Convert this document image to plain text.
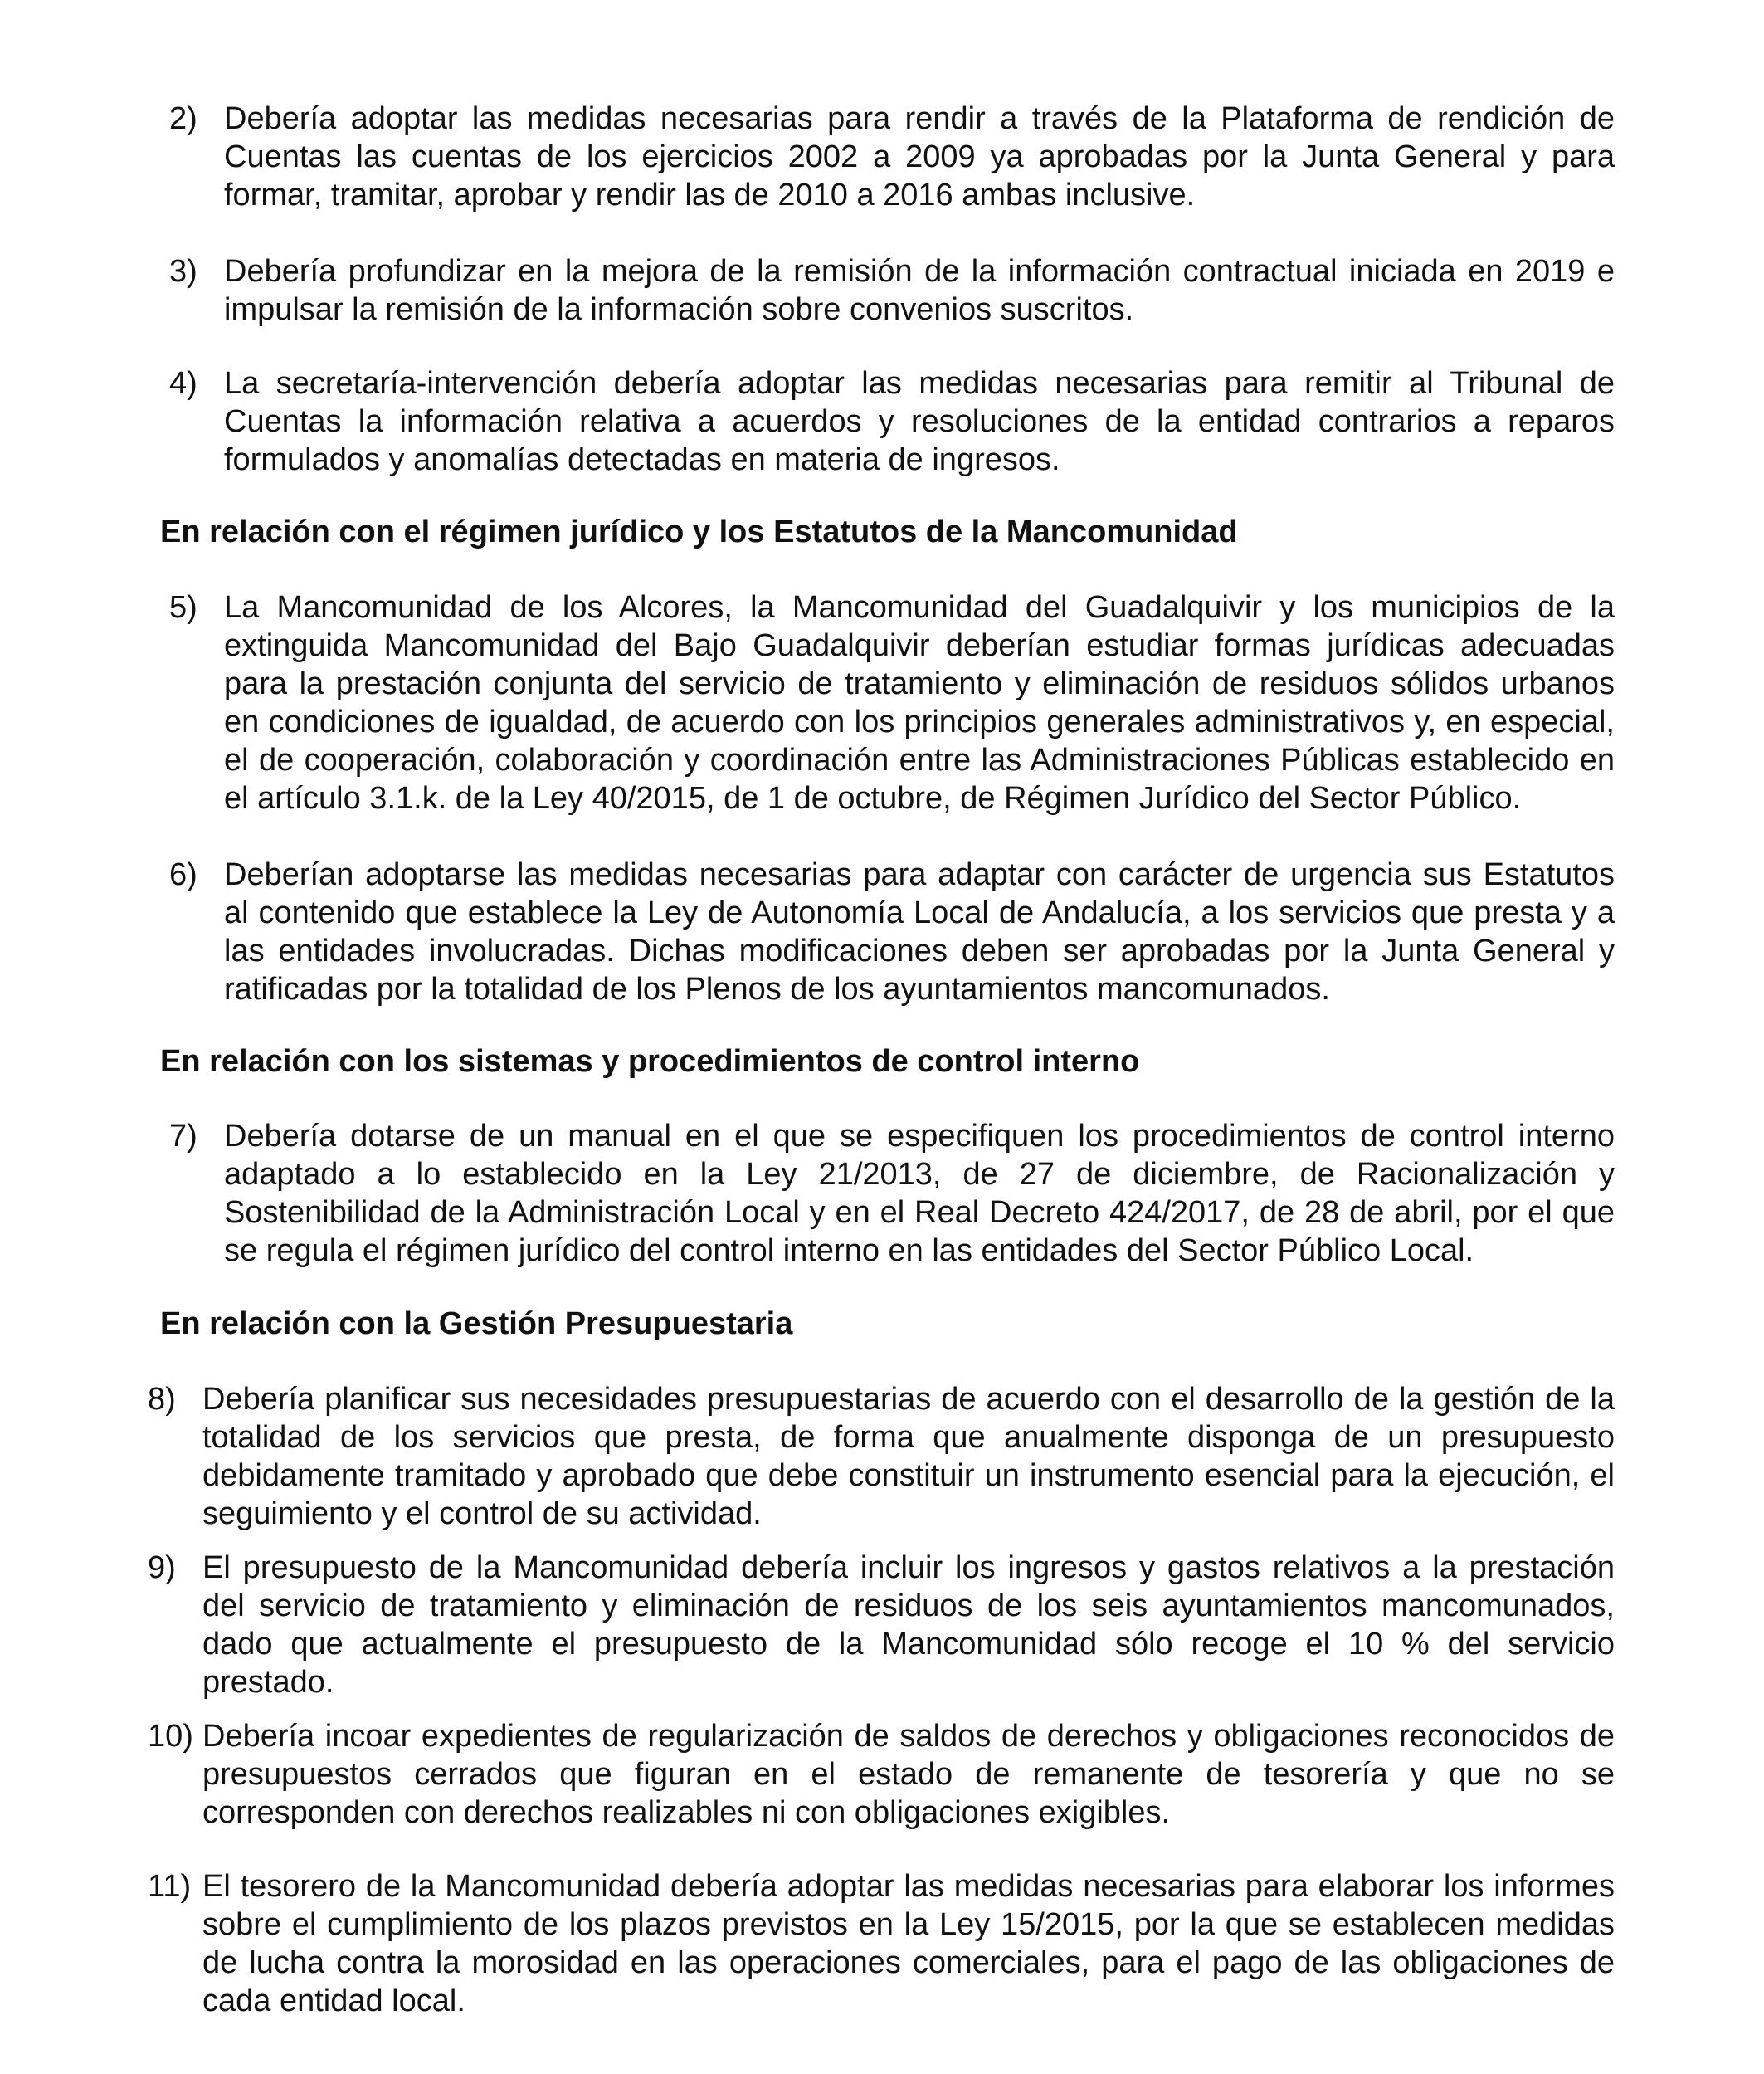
2) Debería adoptar las medidas necesarias para rendir a través de la Plataforma de rendición de Cuentas las cuentas de los ejercicios 2002 a 2009 ya aprobadas por la Junta General y para formar, tramitar, aprobar y rendir las de 2010 a 2016 ambas inclusive.
3) Debería profundizar en la mejora de la remisión de la información contractual iniciada en 2019 e impulsar la remisión de la información sobre convenios suscritos.
4) La secretaría-intervención debería adoptar las medidas necesarias para remitir al Tribunal de Cuentas la información relativa a acuerdos y resoluciones de la entidad contrarios a reparos formulados y anomalías detectadas en materia de ingresos.
En relación con el régimen jurídico y los Estatutos de la Mancomunidad
5) La Mancomunidad de los Alcores, la Mancomunidad del Guadalquivir y los municipios de la extinguida Mancomunidad del Bajo Guadalquivir deberían estudiar formas jurídicas adecuadas para la prestación conjunta del servicio de tratamiento y eliminación de residuos sólidos urbanos en condiciones de igualdad, de acuerdo con los principios generales administrativos y, en especial, el de cooperación, colaboración y coordinación entre las Administraciones Públicas establecido en el artículo 3.1.k. de la Ley 40/2015, de 1 de octubre, de Régimen Jurídico del Sector Público.
6) Deberían adoptarse las medidas necesarias para adaptar con carácter de urgencia sus Estatutos al contenido que establece la Ley de Autonomía Local de Andalucía, a los servicios que presta y a las entidades involucradas. Dichas modificaciones deben ser aprobadas por la Junta General y ratificadas por la totalidad de los Plenos de los ayuntamientos mancomunados.
En relación con los sistemas y procedimientos de control interno
7) Debería dotarse de un manual en el que se especifiquen los procedimientos de control interno adaptado a lo establecido en la Ley 21/2013, de 27 de diciembre, de Racionalización y Sostenibilidad de la Administración Local y en el Real Decreto 424/2017, de 28 de abril, por el que se regula el régimen jurídico del control interno en las entidades del Sector Público Local.
En relación con la Gestión Presupuestaria
8) Debería planificar sus necesidades presupuestarias de acuerdo con el desarrollo de la gestión de la totalidad de los servicios que presta, de forma que anualmente disponga de un presupuesto debidamente tramitado y aprobado que debe constituir un instrumento esencial para la ejecución, el seguimiento y el control de su actividad.
9) El presupuesto de la Mancomunidad debería incluir los ingresos y gastos relativos a la prestación del servicio de tratamiento y eliminación de residuos de los seis ayuntamientos mancomunados, dado que actualmente el presupuesto de la Mancomunidad sólo recoge el 10 % del servicio prestado.
10) Debería incoar expedientes de regularización de saldos de derechos y obligaciones reconocidos de presupuestos cerrados que figuran en el estado de remanente de tesorería y que no se corresponden con derechos realizables ni con obligaciones exigibles.
11) El tesorero de la Mancomunidad debería adoptar las medidas necesarias para elaborar los informes sobre el cumplimiento de los plazos previstos en la Ley 15/2015, por la que se establecen medidas de lucha contra la morosidad en las operaciones comerciales, para el pago de las obligaciones de cada entidad local.
